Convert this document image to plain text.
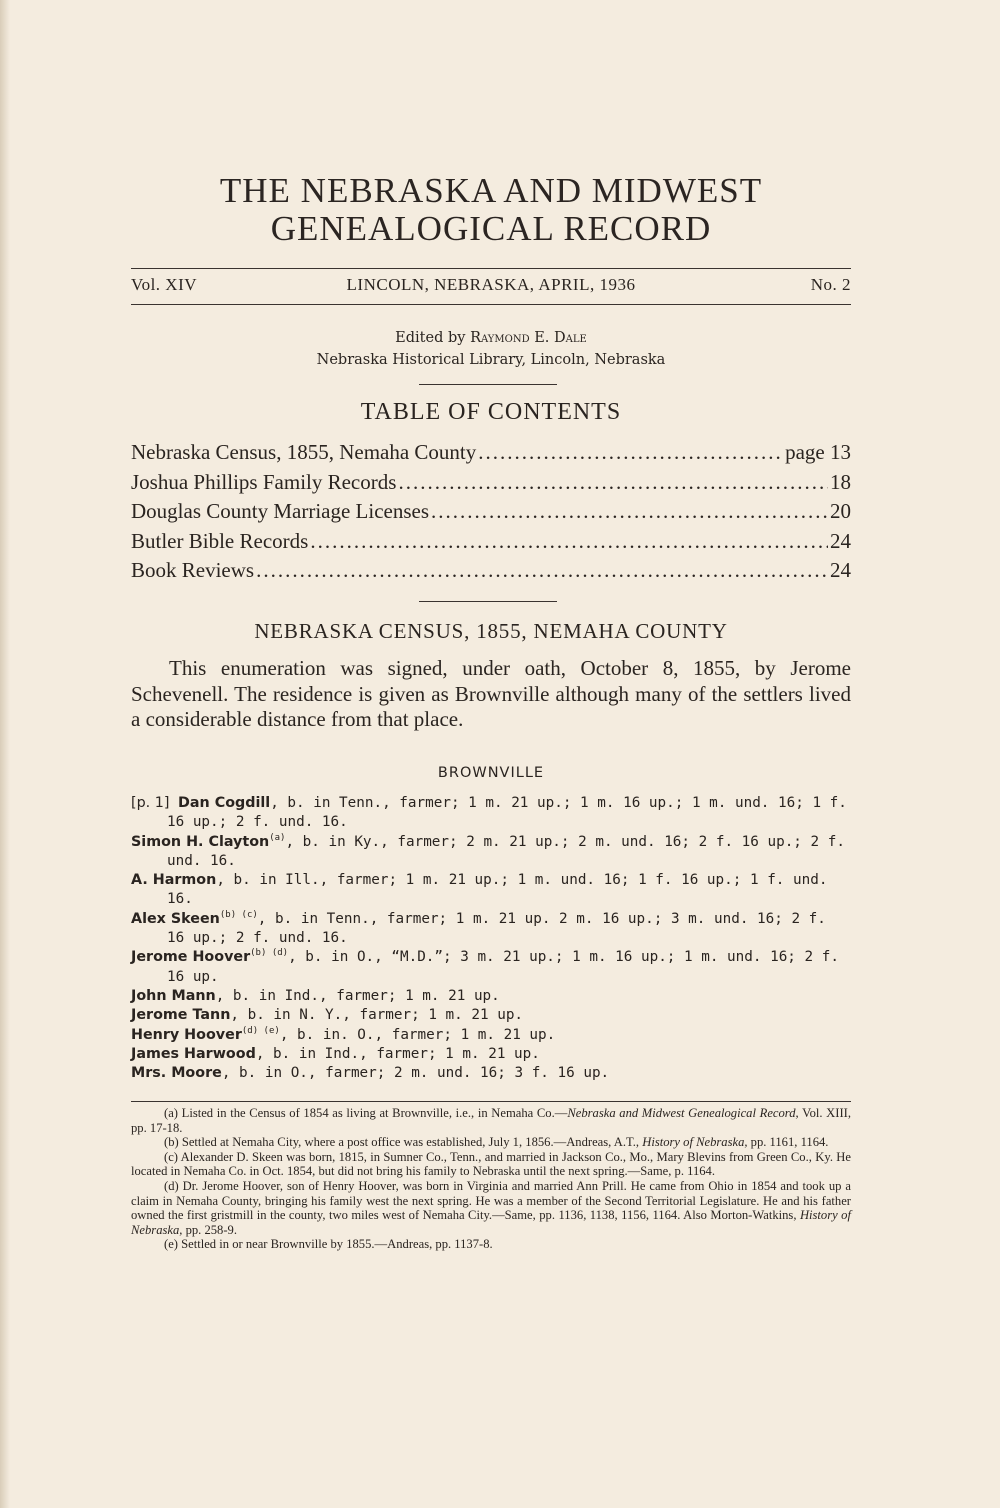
THE NEBRASKA AND MIDWEST
GENEALOGICAL RECORD
Vol. XIV	LINCOLN, NEBRASKA, APRIL, 1936	No. 2
Edited by Raymond E. Dale
Nebraska Historical Library, Lincoln, Nebraska
TABLE OF CONTENTS
Nebraska Census, 1855, Nemaha County .....	page 13
Joshua Phillips Family Records .....	18
Douglas County Marriage Licenses .....	20
Butler Bible Records .....	24
Book Reviews .....	24
NEBRASKA CENSUS, 1855, NEMAHA COUNTY
This enumeration was signed, under oath, October 8, 1855, by Jerome Schevenell. The residence is given as Brownville although many of the settlers lived a considerable distance from that place.
BROWNVILLE
[p. 1] Dan Cogdill, b. in Tenn., farmer; 1 m. 21 up.; 1 m. 16 up.; 1 m. und. 16; 1 f. 16 up.; 2 f. und. 16.
Simon H. Clayton$^{(a)}$, b. in Ky., farmer; 2 m. 21 up.; 2 m. und. 16; 2 f. 16 up.; 2 f. und. 16.
A. Harmon, b. in Ill., farmer; 1 m. 21 up.; 1 m. und. 16; 1 f. 16 up.; 1 f. und. 16.
Alex Skeen$^{(b) (c)}$, b. in Tenn., farmer; 1 m. 21 up. 2 m. 16 up.; 3 m. und. 16; 2 f. 16 up.; 2 f. und. 16.
Jerome Hoover$^{(b) (d)}$, b. in O., “M.D.”; 3 m. 21 up.; 1 m. 16 up.; 1 m. und. 16; 2 f. 16 up.
John Mann, b. in Ind., farmer; 1 m. 21 up.
Jerome Tann, b. in N. Y., farmer; 1 m. 21 up.
Henry Hoover$^{(d) (e)}$, b. in. O., farmer; 1 m. 21 up.
James Harwood, b. in Ind., farmer; 1 m. 21 up.
Mrs. Moore, b. in O., farmer; 2 m. und. 16; 3 f. 16 up.
(a) Listed in the Census of 1854 as living at Brownville, i.e., in Nemaha Co.—Nebraska and Midwest Genealogical Record, Vol. XIII, pp. 17-18.
(b) Settled at Nemaha City, where a post office was established, July 1, 1856.—Andreas, A.T., History of Nebraska, pp. 1161, 1164.
(c) Alexander D. Skeen was born, 1815, in Sumner Co., Tenn., and married in Jackson Co., Mo., Mary Blevins from Green Co., Ky. He located in Nemaha Co. in Oct. 1854, but did not bring his family to Nebraska until the next spring.—Same, p. 1164.
(d) Dr. Jerome Hoover, son of Henry Hoover, was born in Virginia and married Ann Prill. He came from Ohio in 1854 and took up a claim in Nemaha County, bringing his family west the next spring. He was a member of the Second Territorial Legislature. He and his father owned the first gristmill in the county, two miles west of Nemaha City.—Same, pp. 1136, 1138, 1156, 1164. Also Morton-Watkins, History of Nebraska, pp. 258-9.
(e) Settled in or near Brownville by 1855.—Andreas, pp. 1137-8.
